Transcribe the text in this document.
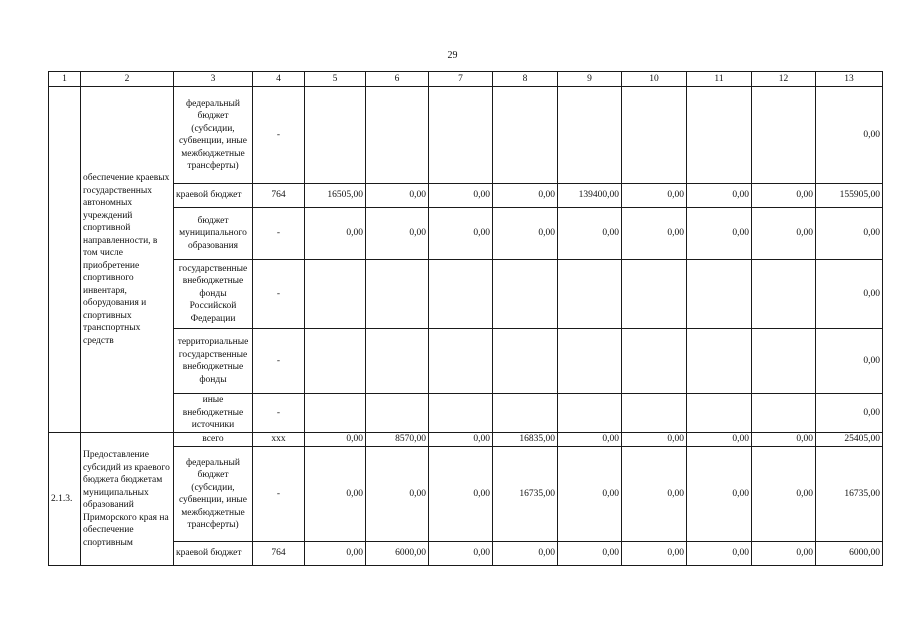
29
1	2	3	4	5	6	7	8	9	10	11	12	13
	обеспечение краевых государственных автономных учреждений спортивной направленности, в том числе приобретение спортивного инвентаря, оборудования и спортивных транспортных средств	федеральный бюджет (субсидии, субвенции, иные межбюджетные трансферты)	-									0,00
		краевой бюджет	764	16505,00	0,00	0,00	0,00	139400,00	0,00	0,00	0,00	155905,00
		бюджет муниципального образования	-	0,00	0,00	0,00	0,00	0,00	0,00	0,00	0,00	0,00
		государственные внебюджетные фонды Российской Федерации	-									0,00
		территориальные государственные внебюджетные фонды	-									0,00
		иные внебюджетные источники	-									0,00
2.1.3.	Предоставление субсидий из краевого бюджета бюджетам муниципальных образований Приморского края на обеспечение спортивным	всего	ххх	0,00	8570,00	0,00	16835,00	0,00	0,00	0,00	0,00	25405,00
		федеральный бюджет (субсидии, субвенции, иные межбюджетные трансферты)	-	0,00	0,00	0,00	16735,00	0,00	0,00	0,00	0,00	16735,00
		краевой бюджет	764	0,00	6000,00	0,00	0,00	0,00	0,00	0,00	0,00	6000,00
